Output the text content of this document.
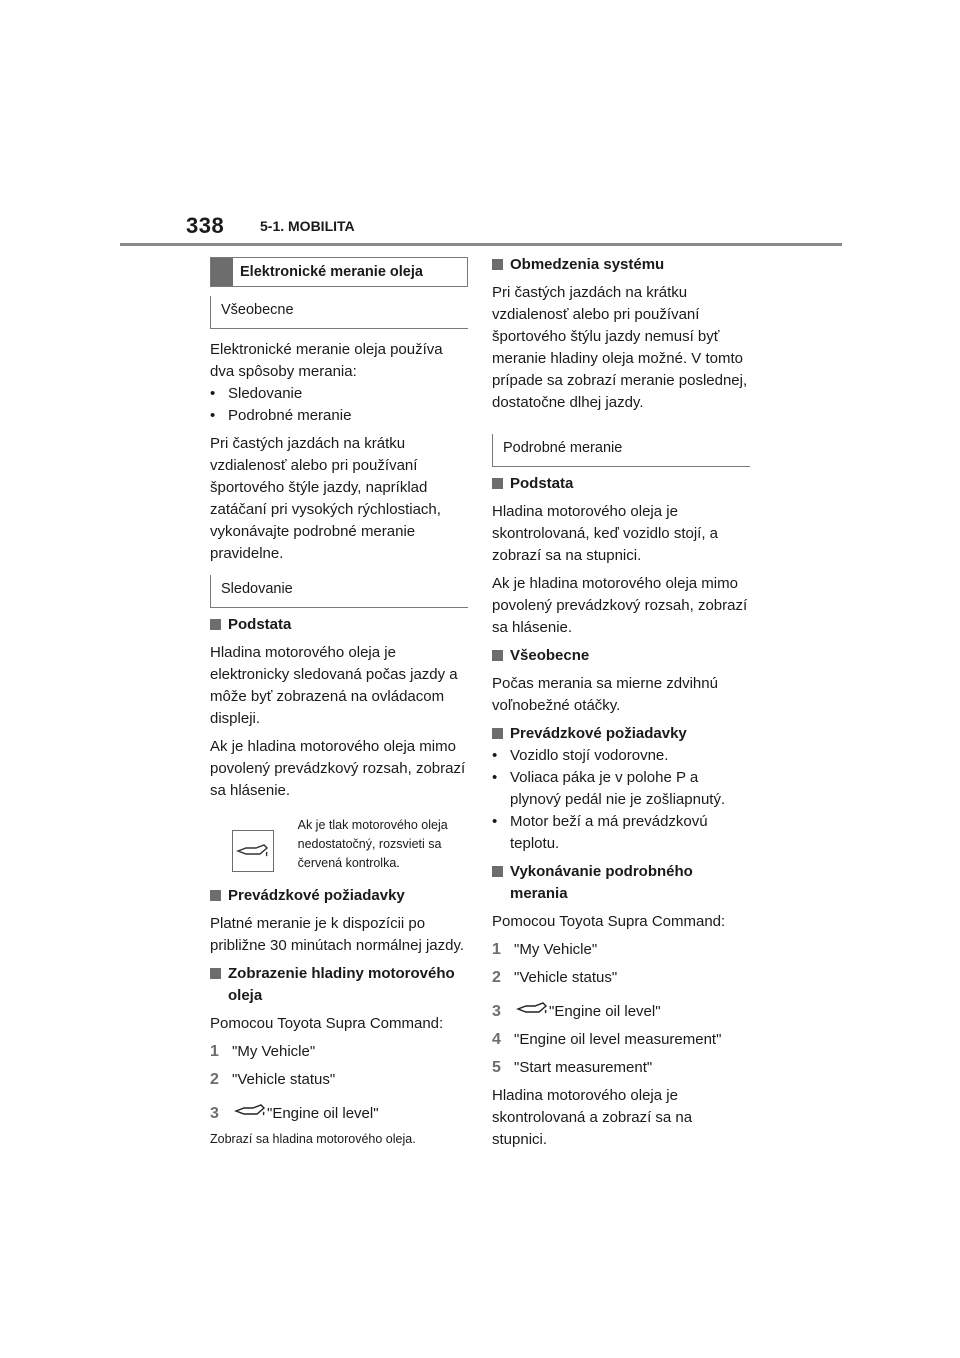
338	5-1. MOBILITA
Elektronické meranie oleja
Všeobecne

Elektronické meranie oleja používa dva spôsoby merania:

• Sledovanie
• Podrobné meranie

Pri častých jazdách na krátku vzdialenosť alebo pri používaní športového štýle jazdy, napríklad zatáčaní pri vysokých rýchlostiach, vykonávajte podrobné meranie pravidelne.

Sledovanie
Podstata

Hladina motorového oleja je elektronicky sledovaná počas jazdy a môže byť zobrazená na ovládacom displeji.

Ak je hladina motorového oleja mimo povolený prevádzkový rozsah, zobrazí sa hlásenie.

Ak je tlak motorového oleja nedostatočný, rozsvieti sa červená kontrolka.
Prevádzkové požiadavky

Platné meranie je k dispozícii po približne 30 minútach normálnej jazdy.

Zobrazenie hladiny motorového oleja

Pomocou Toyota Supra Command:

1 "My Vehicle"
2 "Vehicle status"
3	"Engine oil level"

Zobrazí sa hladina motorového oleja.

Obmedzenia systému

Pri častých jazdách na krátku vzdialenosť alebo pri používaní športového štýlu jazdy nemusí byť meranie hladiny oleja možné. V tomto prípade sa zobrazí meranie poslednej, dostatočne dlhej jazdy.

Podrobné meranie
Podstata

Hladina motorového oleja je skontrolovaná, keď vozidlo stojí, a zobrazí sa na stupnici.

Ak je hladina motorového oleja mimo povolený prevádzkový rozsah, zobrazí sa hlásenie.

Všeobecne

Počas merania sa mierne zdvihnú voľnobežné otáčky.

Prevádzkové požiadavky
• Vozidlo stojí vodorovne.
• Voliaca páka je v polohe P a plynový pedál nie je zošliapnutý.
• Motor beží a má prevádzkovú teplotu.
Vykonávanie podrobného merania

Pomocou Toyota Supra Command:

1 "My Vehicle"
2 "Vehicle status"
3	"Engine oil level"
4 "Engine oil level measurement"
5 "Start measurement"

Hladina motorového oleja je skontrolovaná a zobrazí sa na stupnici.
